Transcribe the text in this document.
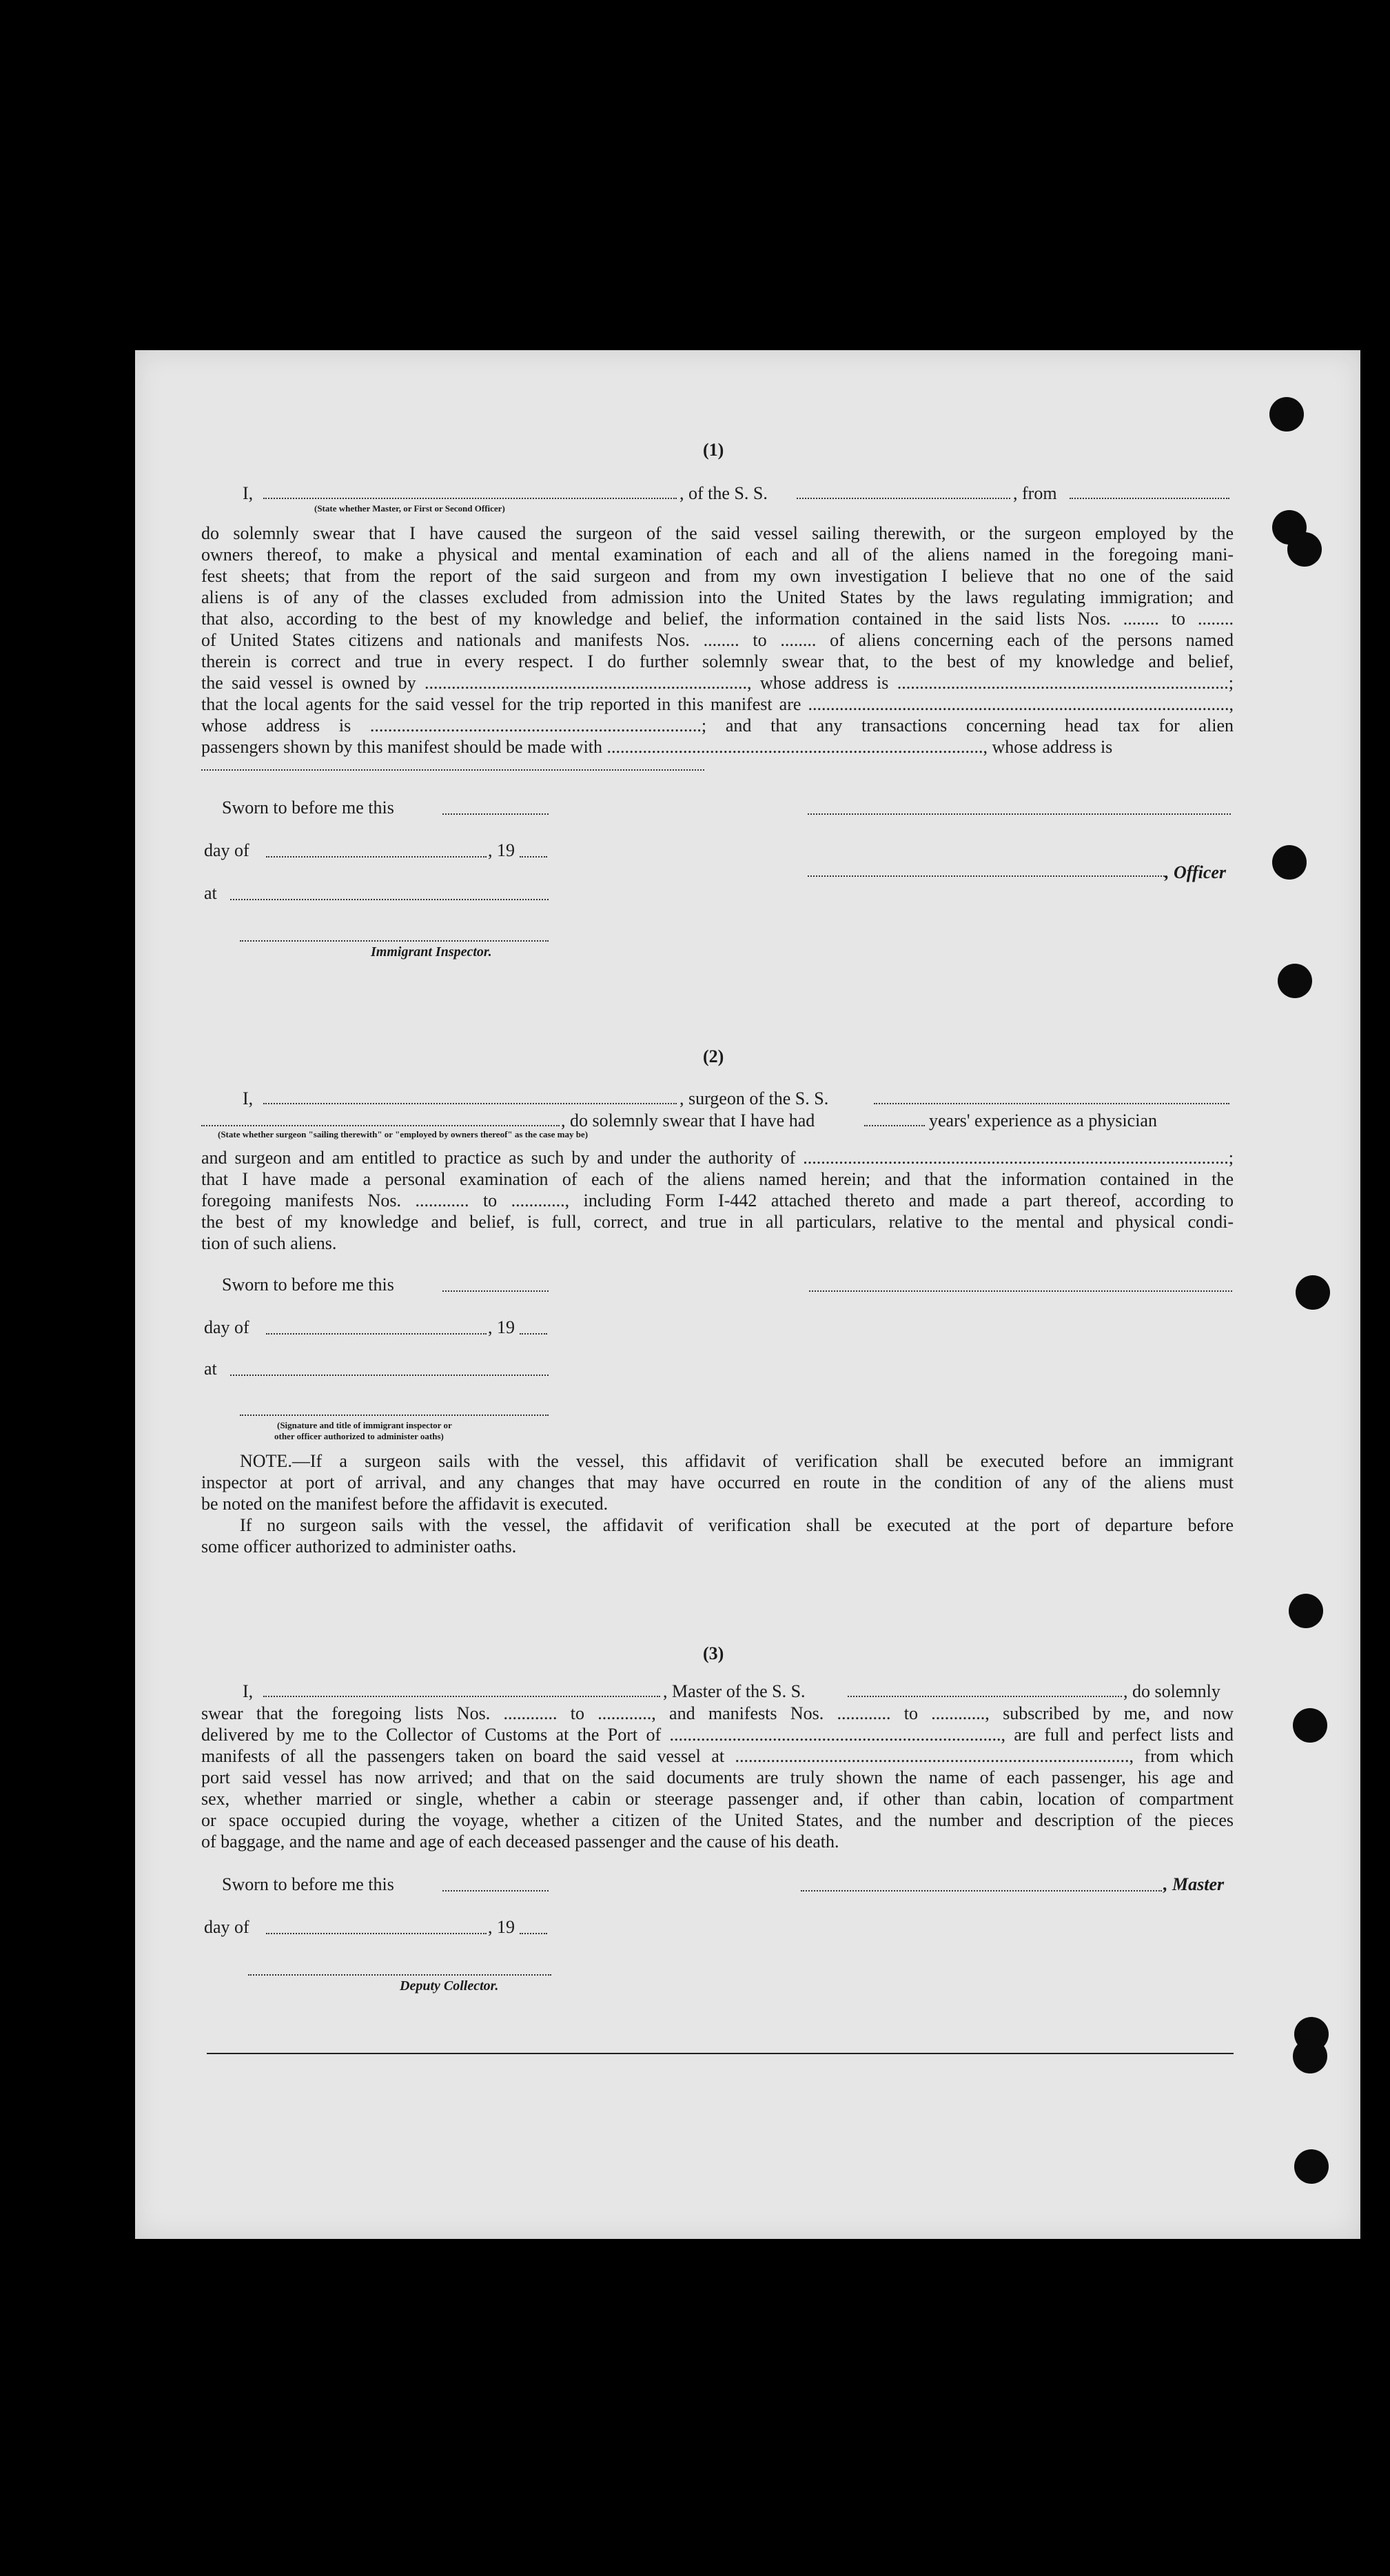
(1)
I,	, of the S. S.	, from
(State whether Master, or First or Second Officer)
do solemnly swear that I have caused the surgeon of the said vessel sailing therewith, or the surgeon employed by the
owners thereof, to make a physical and mental examination of each and all of the aliens named in the foregoing mani-
fest sheets; that from the report of the said surgeon and from my own investigation I believe that no one of the said
aliens is of any of the classes excluded from admission into the United States by the laws regulating immigration; and
that also, according to the best of my knowledge and belief, the information contained in the said lists Nos. ........ to ........
of United States citizens and nationals and manifests Nos. ........ to ........ of aliens concerning each of the persons named
therein is correct and true in every respect. I do further solemnly swear that, to the best of my knowledge and belief,
the said vessel is owned by ........................................................................, whose address is ..........................................................................;
that the local agents for the said vessel for the trip reported in this manifest are ..............................................................................................,
whose address is ..........................................................................; and that any transactions concerning head tax for alien
passengers shown by this manifest should be made with ...................................................................................., whose address is
Sworn to before me this
day of	, 19
, Officer
at
Immigrant Inspector.
(2)
I,	, surgeon of the S. S.
, do solemnly swear that I have had	years' experience as a physician
(State whether surgeon "sailing therewith" or "employed by owners thereof" as the case may be)
and surgeon and am entitled to practice as such by and under the authority of ...............................................................................................;
that I have made a personal examination of each of the aliens named herein; and that the information contained in the
foregoing manifests Nos. ............ to ............, including Form I-442 attached thereto and made a part thereof, according to
the best of my knowledge and belief, is full, correct, and true in all particulars, relative to the mental and physical condi-
tion of such aliens.
Sworn to before me this
day of	, 19
at
(Signature and title of immigrant inspector or
other officer authorized to administer oaths)
NOTE.—If a surgeon sails with the vessel, this affidavit of verification shall be executed before an immigrant
inspector at port of arrival, and any changes that may have occurred en route in the condition of any of the aliens must
be noted on the manifest before the affidavit is executed.
If no surgeon sails with the vessel, the affidavit of verification shall be executed at the port of departure before
some officer authorized to administer oaths.
(3)
I,	, Master of the S. S.	, do solemnly
swear that the foregoing lists Nos. ............ to ............, and manifests Nos. ............ to ............, subscribed by me, and now
delivered by me to the Collector of Customs at the Port of .........................................................................., are full and perfect lists and
manifests of all the passengers taken on board the said vessel at ........................................................................................, from which
port said vessel has now arrived; and that on the said documents are truly shown the name of each passenger, his age and
sex, whether married or single, whether a cabin or steerage passenger and, if other than cabin, location of compartment
or space occupied during the voyage, whether a citizen of the United States, and the number and description of the pieces
of baggage, and the name and age of each deceased passenger and the cause of his death.
Sworn to before me this	, Master
day of	, 19
Deputy Collector.
